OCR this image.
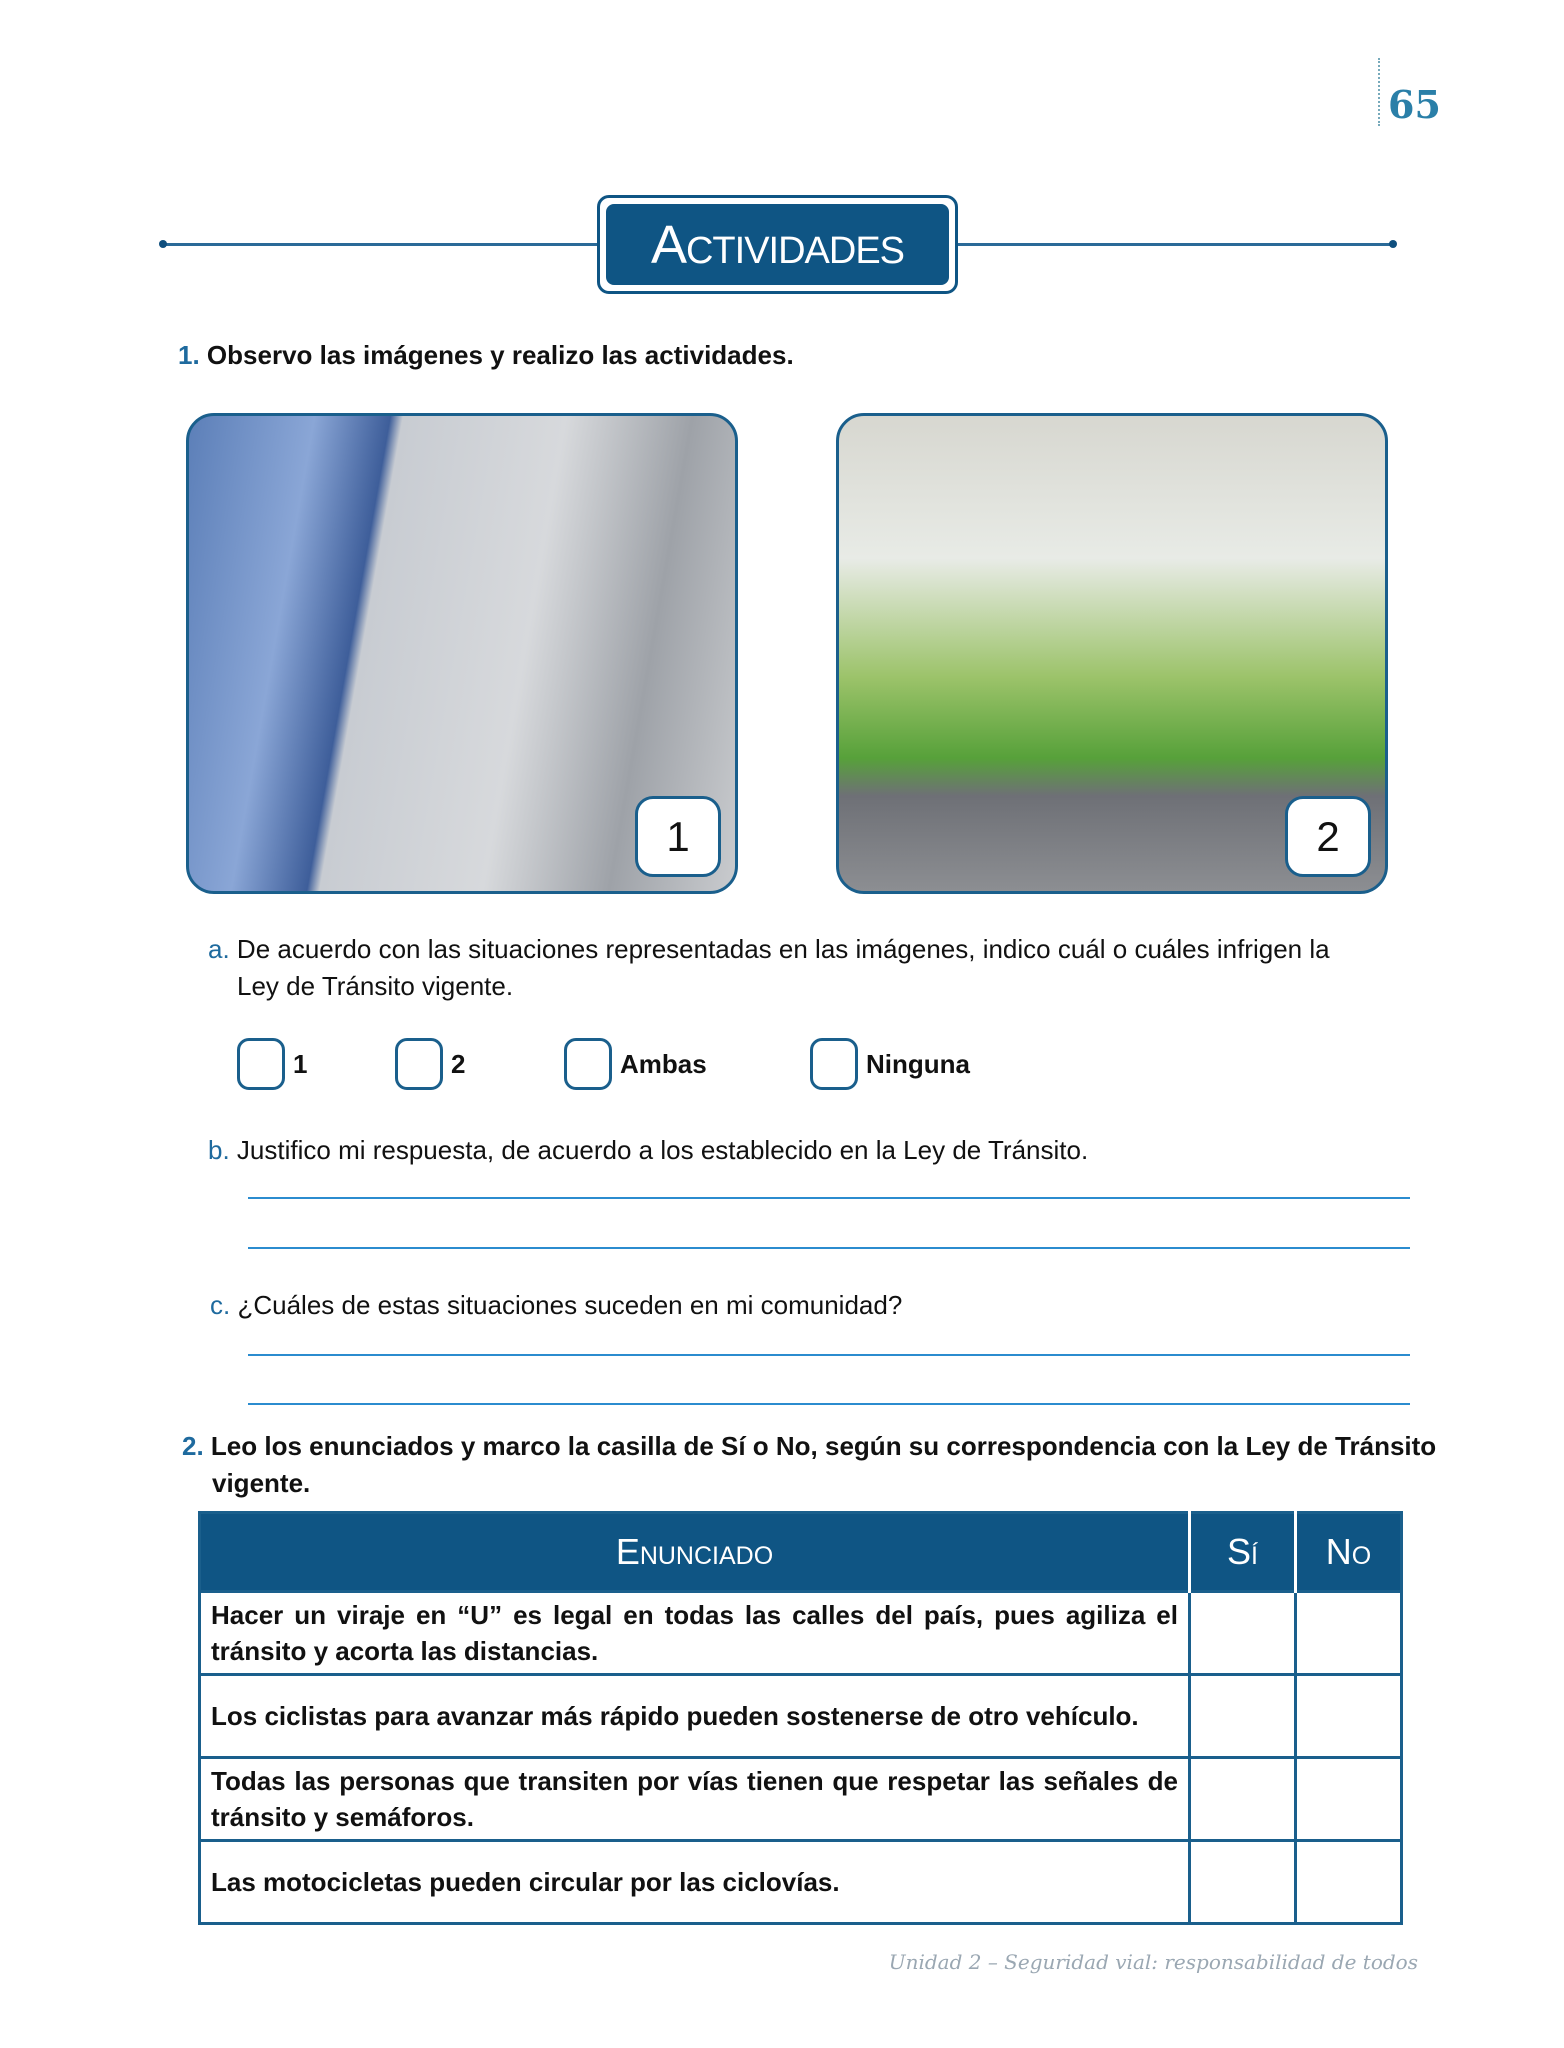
65
Actividades
1. Observo las imágenes y realizo las actividades.
1	2
a. De acuerdo con las situaciones representadas en las imágenes, indico cuál o cuáles infrigen la
Ley de Tránsito vigente.
1	2	Ambas	Ninguna
b. Justifico mi respuesta, de acuerdo a los establecido en la Ley de Tránsito.
c. ¿Cuáles de estas situaciones suceden en mi comunidad?
2. Leo los enunciados y marco la casilla de Sí o No, según su correspondencia con la Ley de Tránsito
vigente.
Enunciado	Sí	No
Hacer un viraje en “U” es legal en todas las calles del país, pues agiliza el tránsito y acorta las distancias.		
Los ciclistas para avanzar más rápido pueden sostenerse de otro vehículo.		
Todas las personas que transiten por vías tienen que respetar las señales de tránsito y semáforos.		
Las motocicletas pueden circular por las ciclovías.		
Unidad 2 – Seguridad vial: responsabilidad de todos
